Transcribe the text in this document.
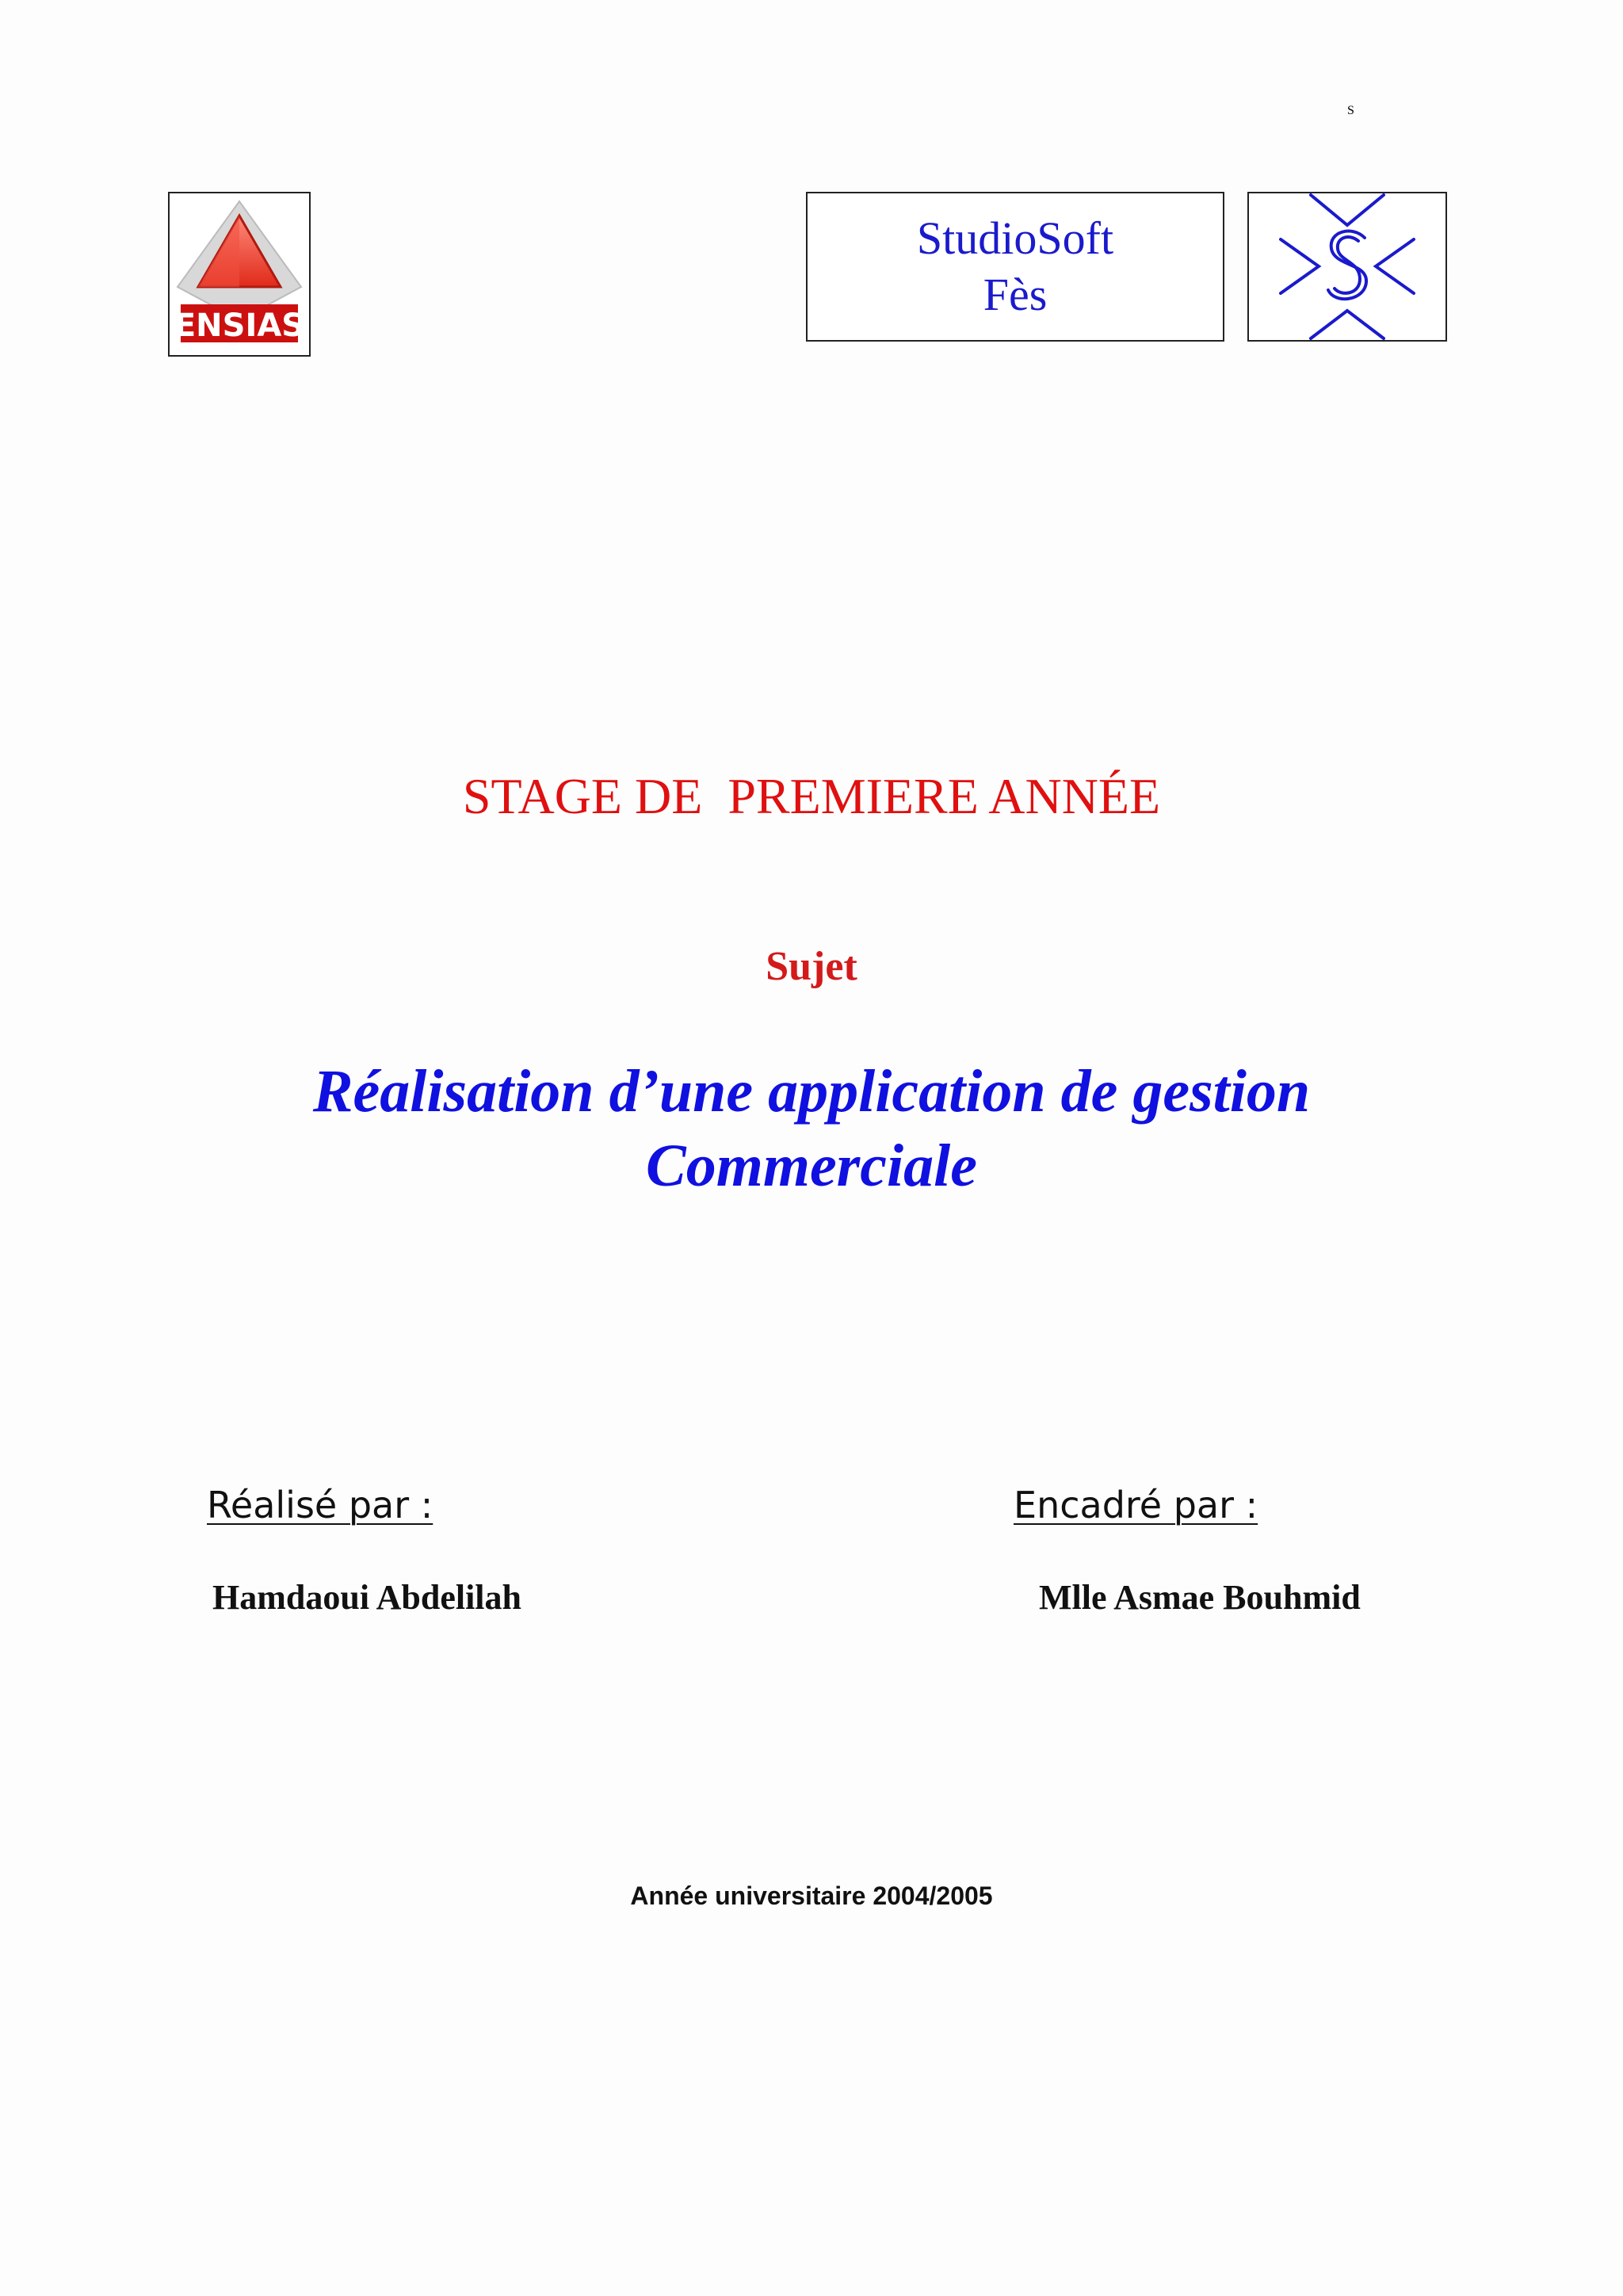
ENSIAS
StudioSoft
Fès
S
STAGE DE  PREMIERE ANNÉE
Sujet
Réalisation d’une application de gestion
Commerciale
Réalisé par :	Encadré par :
Hamdaoui Abdelilah	Mlle Asmae Bouhmid
Année universitaire 2004/2005
